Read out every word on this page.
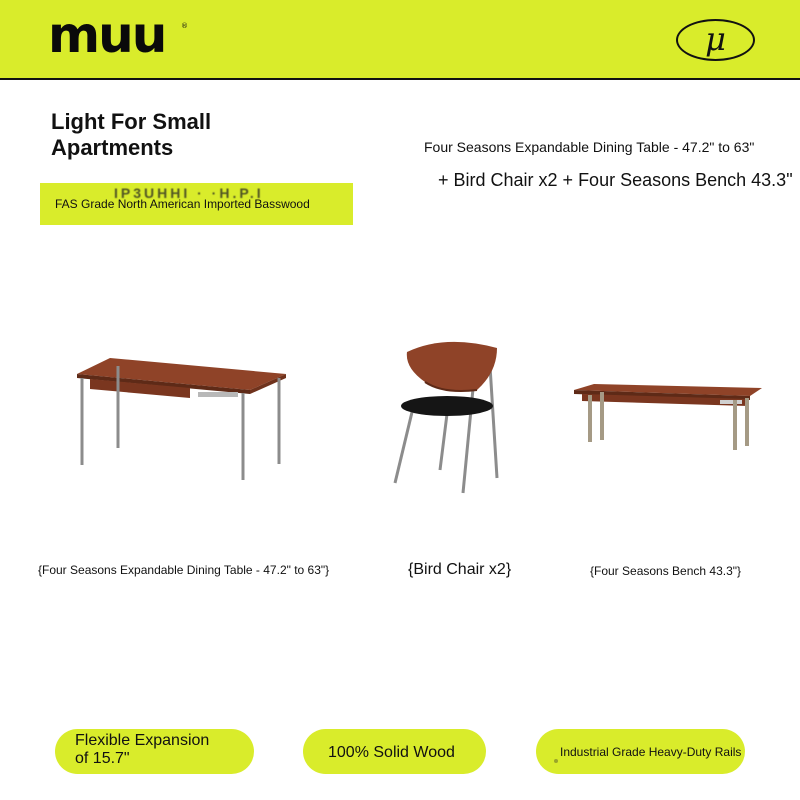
muu ®	μ
Light For Small
Apartments
IP3UHHI · ·H.P.I
FAS Grade North American Imported Basswood
Four Seasons Expandable Dining Table - 47.2" to 63"
+ Bird Chair x2 + Four Seasons Bench 43.3"
{Four Seasons Expandable Dining Table - 47.2" to 63"}	{Bird Chair x2}	{Four Seasons Bench 43.3"}
Flexible Expansion
of 15.7"	100% Solid Wood	Industrial Grade Heavy-Duty Rails
